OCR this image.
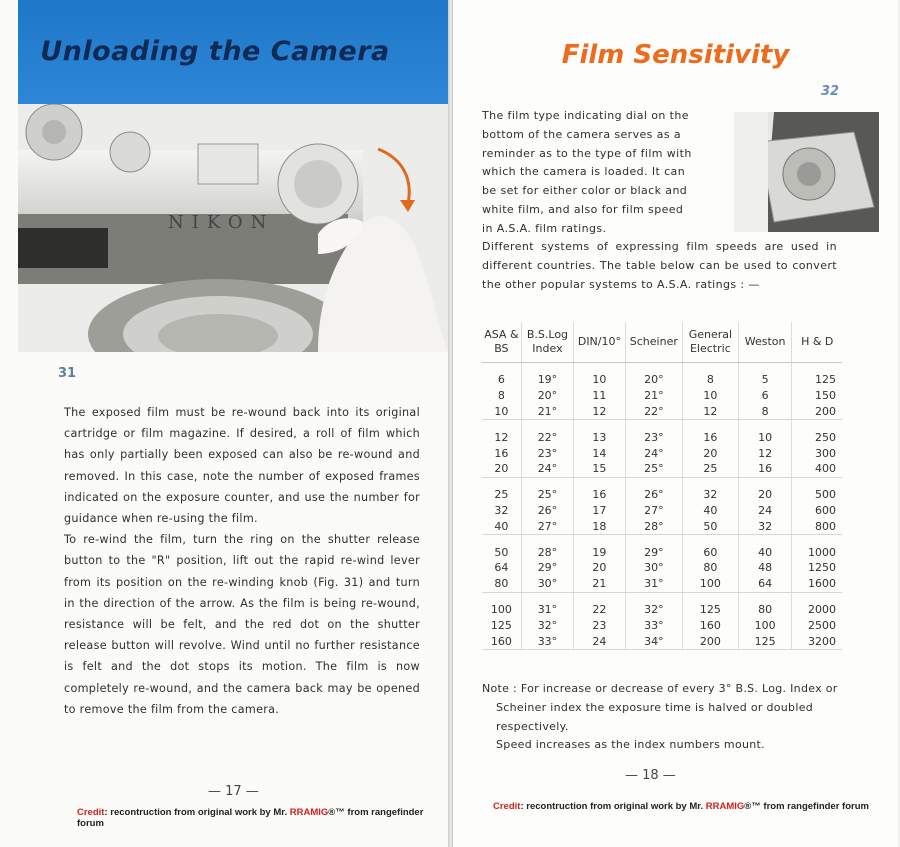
Unloading the Camera
NIKON
31

The exposed film must be re-wound back into its original cartridge or film magazine. If desired, a roll of film which has only partially been exposed can also be re-wound and removed. In this case, note the number of exposed frames indicated on the exposure counter, and use the number for guidance when re-using the film.

To re-wind the film, turn the ring on the shutter release button to the "R" position, lift out the rapid re-wind lever from its position on the re-winding knob (Fig. 31) and turn in the direction of the arrow. As the film is being re-wound, resistance will be felt, and the red dot on the shutter release button will revolve. Wind until no further resistance is felt and the dot stops its motion. The film is now completely re-wound, and the camera back may be opened to remove the film from the camera.

— 17 —
Credit: recontruction from original work by Mr. RRAMIG®™ from rangefinder forum
Film Sensitivity
32

The film type indicating dial on the bottom of the camera serves as a reminder as to the type of film with which the camera is loaded. It can be set for either color or black and white film, and also for film speed in A.S.A. film ratings.

Different systems of expressing film speeds are used in different countries. The table below can be used to convert the other popular systems to A.S.A. ratings : —

ASA & BS	B.S.Log Index	DIN/10°	Scheiner	General Electric	Weston	H & D

6	19°	10	20°	8	5	125
8	20°	11	21°	10	6	150
10	21°	12	22°	12	8	200

12	22°	13	23°	16	10	250
16	23°	14	24°	20	12	300
20	24°	15	25°	25	16	400

25	25°	16	26°	32	20	500
32	26°	17	27°	40	24	600
40	27°	18	28°	50	32	800

50	28°	19	29°	60	40	1000
64	29°	20	30°	80	48	1250
80	30°	21	31°	100	64	1600

100	31°	22	32°	125	80	2000
125	32°	23	33°	160	100	2500
160	33°	24	34°	200	125	3200

Note : For increase or decrease of every 3° B.S. Log. Index or Scheiner index the exposure time is halved or doubled respectively.

Speed increases as the index numbers mount.

— 18 —
Credit: recontruction from original work by Mr. RRAMIG®™ from rangefinder forum
